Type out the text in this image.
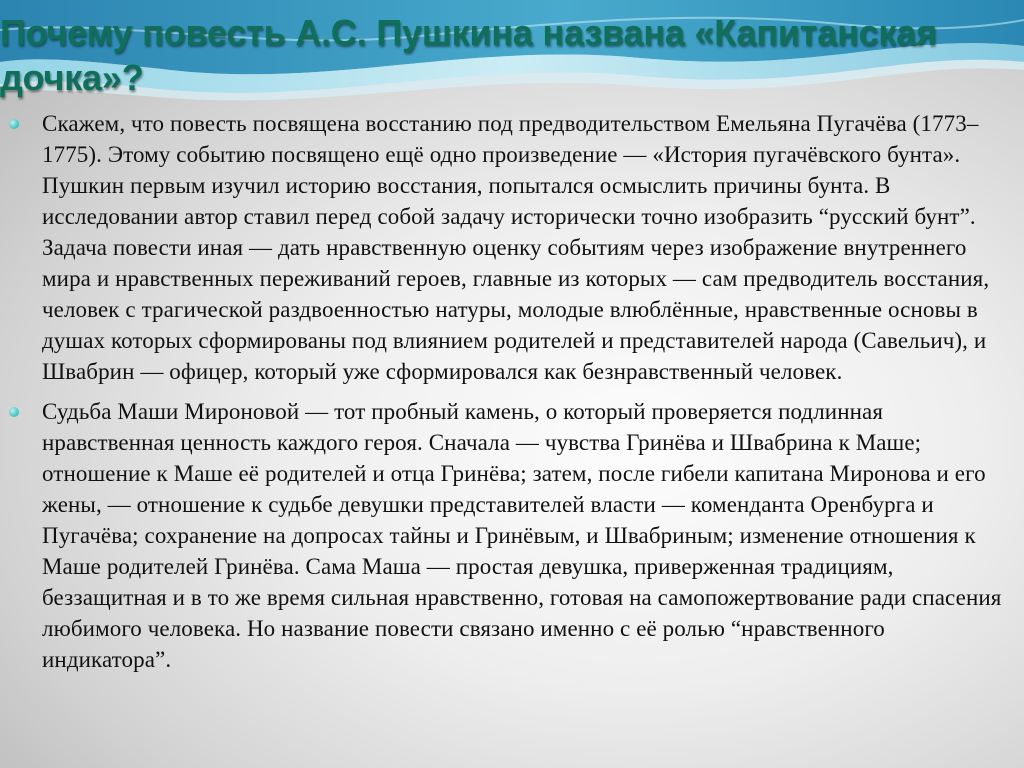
Почему повесть А.С. Пушкина названа «Капитанская дочка»?
Скажем, что повесть посвящена восстанию под предводительством Емельяна Пугачёва (1773–1775). Этому событию посвящено ещё одно произведение — «История пугачёвского бунта». Пушкин первым изучил историю восстания, попытался осмыслить причины бунта. В исследовании автор ставил перед собой задачу исторически точно изобразить “русский бунт”. Задача повести иная — дать нравственную оценку событиям через изображение внутреннего мира и нравственных переживаний героев, главные из которых — сам предводитель восстания, человек с трагической раздвоенностью натуры, молодые влюблённые, нравственные основы в душах которых сформированы под влиянием родителей и представителей народа (Савельич), и Швабрин — офицер, который уже сформировался как безнравственный человек.
Судьба Маши Мироновой — тот пробный камень, о который проверяется подлинная нравственная ценность каждого героя. Сначала — чувства Гринёва и Швабрина к Маше; отношение к Маше её родителей и отца Гринёва; затем, после гибели капитана Миронова и его жены, — отношение к судьбе девушки представителей власти — коменданта Оренбурга и Пугачёва; сохранение на допросах тайны и Гринёвым, и Швабриным; изменение отношения к Маше родителей Гринёва. Сама Маша — простая девушка, приверженная традициям, беззащитная и в то же время сильная нравственно, готовая на самопожертвование ради спасения любимого человека. Но название повести связано именно с её ролью “нравственного индикатора”.
